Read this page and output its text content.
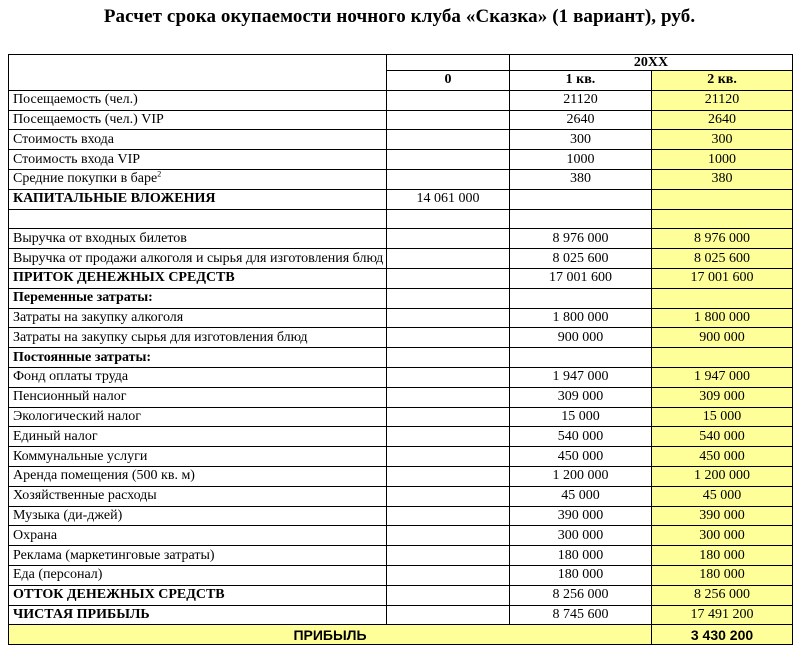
Расчет срока окупаемости ночного клуба «Сказка» (1 вариант), руб.
		20XX	
	0	1 кв.	2 кв.
Посещаемость (чел.)		21120	21120
Посещаемость (чел.) VIP		2640	2640
Стоимость входа		300	300
Стоимость входа VIP		1000	1000
Средние покупки в баре$^2$		380	380
КАПИТАЛЬНЫЕ ВЛОЖЕНИЯ	14 061 000		

Выручка от входных билетов		8 976 000	8 976 000
Выручка от продажи алкоголя и сырья для изготовления блюд		8 025 600	8 025 600
ПРИТОК ДЕНЕЖНЫХ СРЕДСТВ		17 001 600	17 001 600
Переменные затраты:			
Затраты на закупку алкоголя		1 800 000	1 800 000
Затраты на закупку сырья для изготовления блюд		900 000	900 000
Постоянные затраты:			
Фонд оплаты труда		1 947 000	1 947 000
Пенсионный налог		309 000	309 000
Экологический налог		15 000	15 000
Единый налог		540 000	540 000
Коммунальные услуги		450 000	450 000
Аренда помещения (500 кв. м)		1 200 000	1 200 000
Хозяйственные расходы		45 000	45 000
Музыка (ди-джей)		390 000	390 000
Охрана		300 000	300 000
Реклама (маркетинговые затраты)		180 000	180 000
Еда (персонал)		180 000	180 000
ОТТОК ДЕНЕЖНЫХ СРЕДСТВ		8 256 000	8 256 000
ЧИСТАЯ ПРИБЫЛЬ		8 745 600	17 491 200
ПРИБЫЛЬ			3 430 200
